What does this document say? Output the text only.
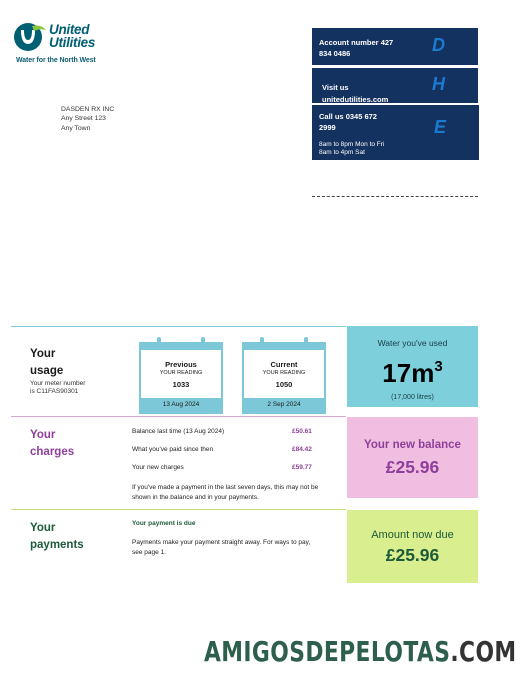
United
Utilities
Water for the North West
DASDEN RX INC
Any Street 123
Any Town
Account number 427
834 0486	D
Visit us
unitedutilities.com
H
Call us 0345 672
2999
8am to 8pm Mon to Fri
8am to 4pm Sat
E
Your
usage
Your meter number
is C11FAS90301
Previous
YOUR READING
1033
13 Aug 2024
Current
YOUR READING
1050
2 Sep 2024
Water you've used
$17m^3$
(17,000 litres)
Your
charges
Balance last time (13 Aug 2024)	£50.61
What you've paid since then	£84.42
Your new charges	£59.77
If you've made a payment in the last seven days, this may not be shown in the balance and in your payments.
Your new balance
£25.96
Your
payments
Your payment is due
Payments make your payment straight away. For ways to pay, see page 1.
Amount now due
£25.96
AMIGOSDEPELOTAS.COM
